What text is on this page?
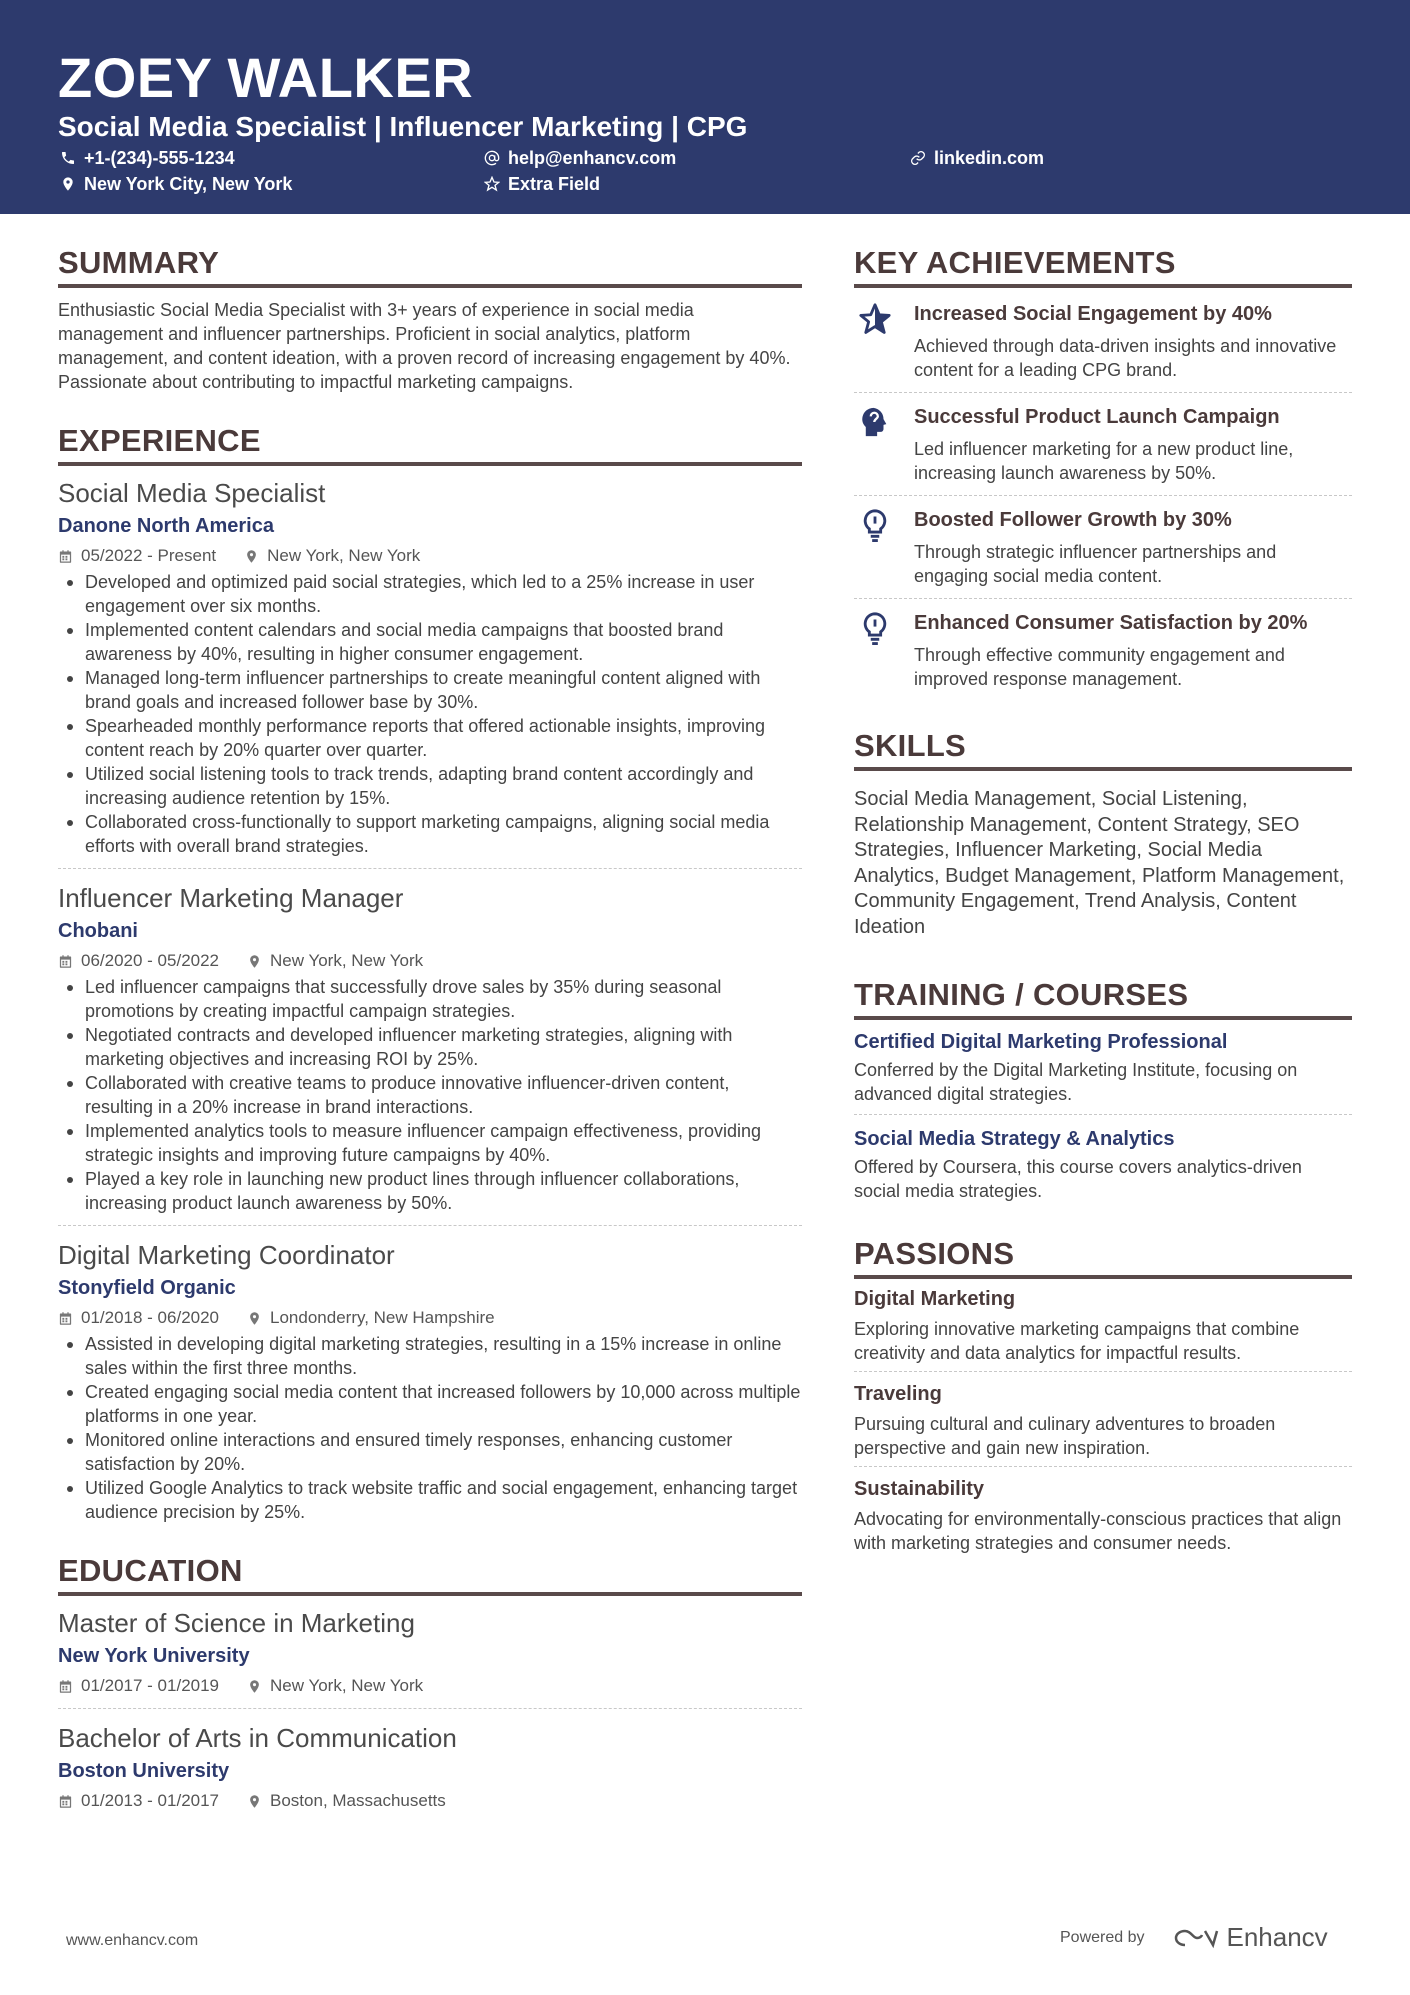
ZOEY WALKER
Social Media Specialist | Influencer Marketing | CPG
+1-(234)-555-1234	help@enhancv.com	linkedin.com
New York City, New York	Extra Field
SUMMARY
Enthusiastic Social Media Specialist with 3+ years of experience in social media management and influencer partnerships. Proficient in social analytics, platform management, and content ideation, with a proven record of increasing engagement by 40%. Passionate about contributing to impactful marketing campaigns.
EXPERIENCE
Social Media Specialist
Danone North America
05/2022 - Present	New York, New York
Developed and optimized paid social strategies, which led to a 25% increase in user engagement over six months.
Implemented content calendars and social media campaigns that boosted brand awareness by 40%, resulting in higher consumer engagement.
Managed long-term influencer partnerships to create meaningful content aligned with brand goals and increased follower base by 30%.
Spearheaded monthly performance reports that offered actionable insights, improving content reach by 20% quarter over quarter.
Utilized social listening tools to track trends, adapting brand content accordingly and increasing audience retention by 15%.
Collaborated cross-functionally to support marketing campaigns, aligning social media efforts with overall brand strategies.
Influencer Marketing Manager
Chobani
06/2020 - 05/2022	New York, New York
Led influencer campaigns that successfully drove sales by 35% during seasonal promotions by creating impactful campaign strategies.
Negotiated contracts and developed influencer marketing strategies, aligning with marketing objectives and increasing ROI by 25%.
Collaborated with creative teams to produce innovative influencer-driven content, resulting in a 20% increase in brand interactions.
Implemented analytics tools to measure influencer campaign effectiveness, providing strategic insights and improving future campaigns by 40%.
Played a key role in launching new product lines through influencer collaborations, increasing product launch awareness by 50%.
Digital Marketing Coordinator
Stonyfield Organic
01/2018 - 06/2020	Londonderry, New Hampshire
Assisted in developing digital marketing strategies, resulting in a 15% increase in online sales within the first three months.
Created engaging social media content that increased followers by 10,000 across multiple platforms in one year.
Monitored online interactions and ensured timely responses, enhancing customer satisfaction by 20%.
Utilized Google Analytics to track website traffic and social engagement, enhancing target audience precision by 25%.
EDUCATION
Master of Science in Marketing
New York University
01/2017 - 01/2019	New York, New York
Bachelor of Arts in Communication
Boston University
01/2013 - 01/2017	Boston, Massachusetts
KEY ACHIEVEMENTS
Increased Social Engagement by 40%
Achieved through data-driven insights and innovative content for a leading CPG brand.
Successful Product Launch Campaign
Led influencer marketing for a new product line, increasing launch awareness by 50%.
Boosted Follower Growth by 30%
Through strategic influencer partnerships and engaging social media content.
Enhanced Consumer Satisfaction by 20%
Through effective community engagement and improved response management.
SKILLS
Social Media Management, Social Listening, Relationship Management, Content Strategy, SEO Strategies, Influencer Marketing, Social Media Analytics, Budget Management, Platform Management, Community Engagement, Trend Analysis, Content Ideation
TRAINING / COURSES
Certified Digital Marketing Professional
Conferred by the Digital Marketing Institute, focusing on advanced digital strategies.
Social Media Strategy & Analytics
Offered by Coursera, this course covers analytics-driven social media strategies.
PASSIONS
Digital Marketing
Exploring innovative marketing campaigns that combine creativity and data analytics for impactful results.
Traveling
Pursuing cultural and culinary adventures to broaden perspective and gain new inspiration.
Sustainability
Advocating for environmentally-conscious practices that align with marketing strategies and consumer needs.
www.enhancv.com	Powered by	Enhancv
